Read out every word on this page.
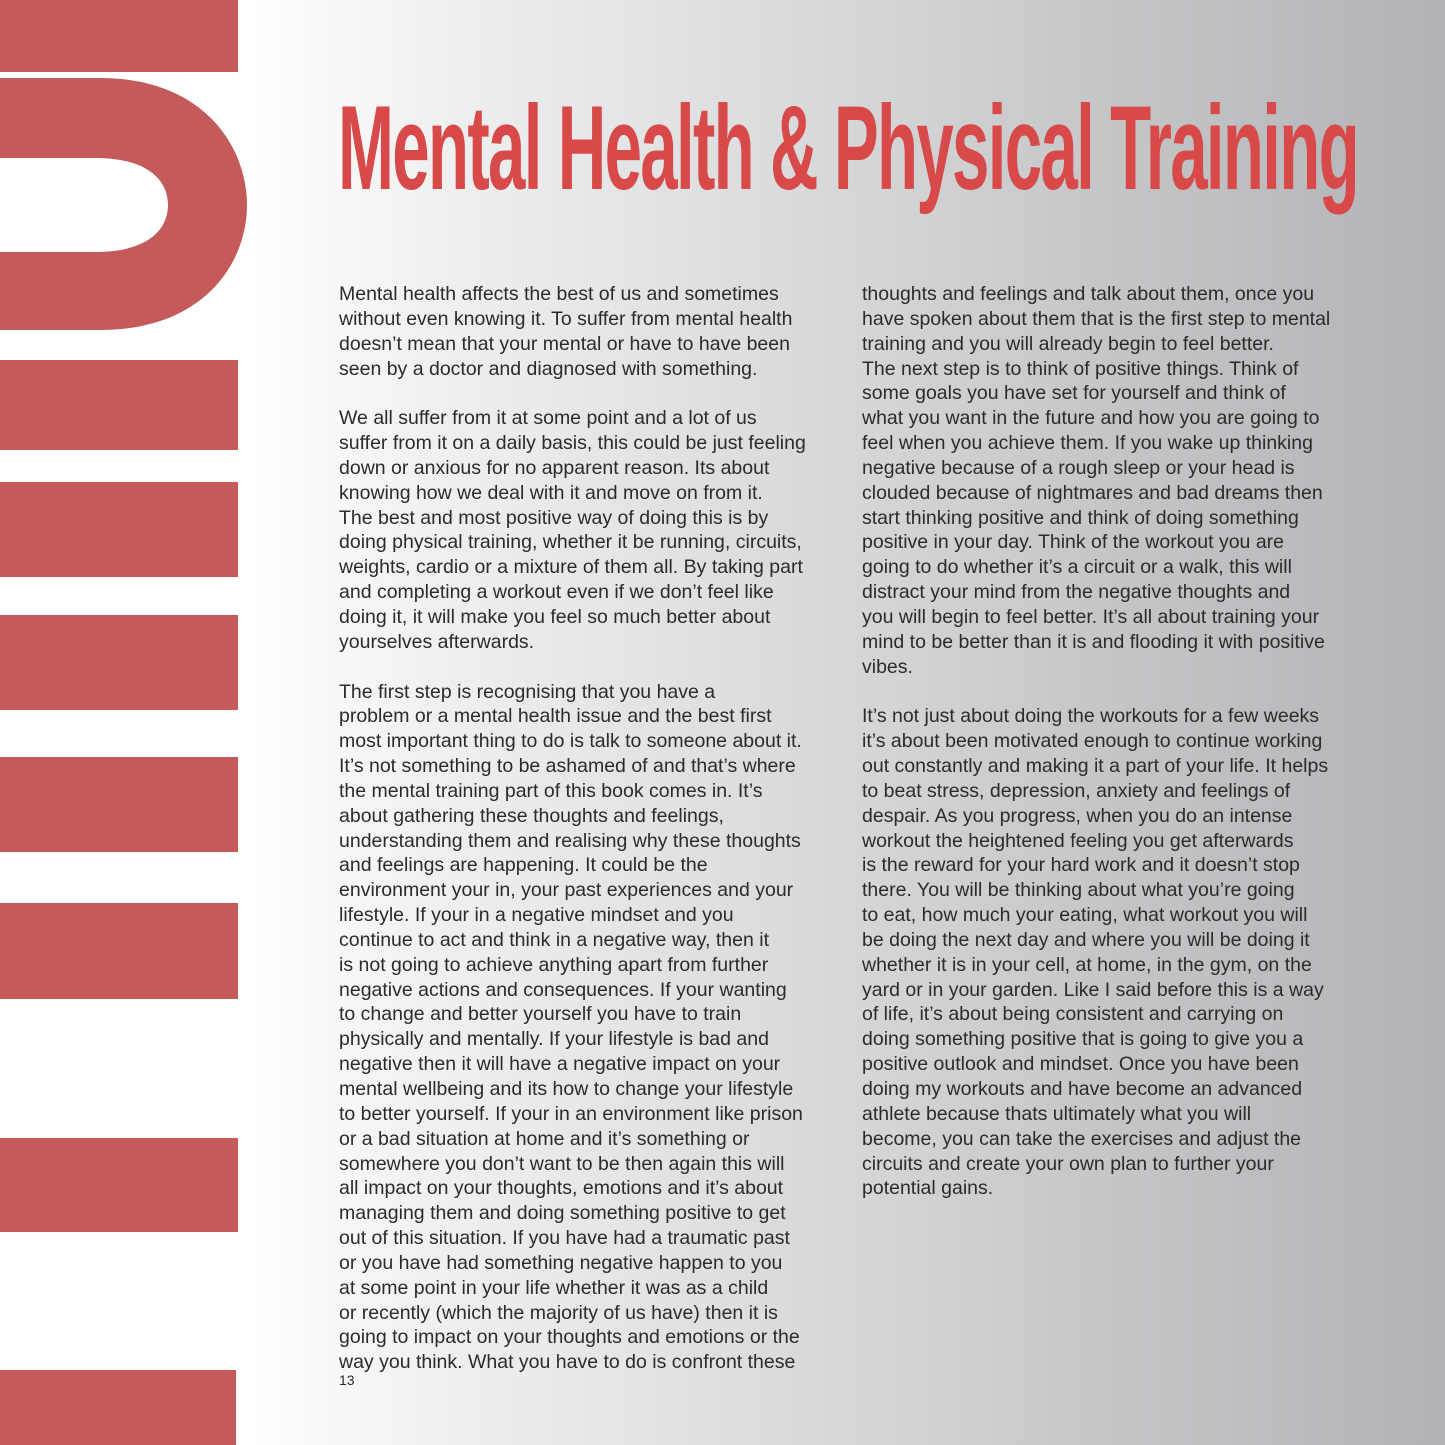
Mental Health & Physical Training

Mental health affects the best of us and sometimes
without even knowing it. To suffer from mental health
doesn’t mean that your mental or have to have been
seen by a doctor and diagnosed with something.

We all suffer from it at some point and a lot of us
suffer from it on a daily basis, this could be just feeling
down or anxious for no apparent reason. Its about
knowing how we deal with it and move on from it.
The best and most positive way of doing this is by
doing physical training, whether it be running, circuits,
weights, cardio or a mixture of them all. By taking part
and completing a workout even if we don’t feel like
doing it, it will make you feel so much better about
yourselves afterwards.

The first step is recognising that you have a
problem or a mental health issue and the best first
most important thing to do is talk to someone about it.
It’s not something to be ashamed of and that’s where
the mental training part of this book comes in. It’s
about gathering these thoughts and feelings,
understanding them and realising why these thoughts
and feelings are happening. It could be the
environment your in, your past experiences and your
lifestyle. If your in a negative mindset and you
continue to act and think in a negative way, then it
is not going to achieve anything apart from further
negative actions and consequences. If your wanting
to change and better yourself you have to train
physically and mentally. If your lifestyle is bad and
negative then it will have a negative impact on your
mental wellbeing and its how to change your lifestyle
to better yourself. If your in an environment like prison
or a bad situation at home and it’s something or
somewhere you don’t want to be then again this will
all impact on your thoughts, emotions and it’s about
managing them and doing something positive to get
out of this situation. If you have had a traumatic past
or you have had something negative happen to you
at some point in your life whether it was as a child
or recently (which the majority of us have) then it is
going to impact on your thoughts and emotions or the
way you think. What you have to do is confront these

thoughts and feelings and talk about them, once you
have spoken about them that is the first step to mental
training and you will already begin to feel better.
The next step is to think of positive things. Think of
some goals you have set for yourself and think of
what you want in the future and how you are going to
feel when you achieve them. If you wake up thinking
negative because of a rough sleep or your head is
clouded because of nightmares and bad dreams then
start thinking positive and think of doing something
positive in your day. Think of the workout you are
going to do whether it’s a circuit or a walk, this will
distract your mind from the negative thoughts and
you will begin to feel better. It’s all about training your
mind to be better than it is and flooding it with positive
vibes.

It’s not just about doing the workouts for a few weeks
it’s about been motivated enough to continue working
out constantly and making it a part of your life. It helps
to beat stress, depression, anxiety and feelings of
despair. As you progress, when you do an intense
workout the heightened feeling you get afterwards
is the reward for your hard work and it doesn’t stop
there. You will be thinking about what you’re going
to eat, how much your eating, what workout you will
be doing the next day and where you will be doing it
whether it is in your cell, at home, in the gym, on the
yard or in your garden. Like I said before this is a way
of life, it’s about being consistent and carrying on
doing something positive that is going to give you a
positive outlook and mindset. Once you have been
doing my workouts and have become an advanced
athlete because thats ultimately what you will
become, you can take the exercises and adjust the
circuits and create your own plan to further your
potential gains.

13
